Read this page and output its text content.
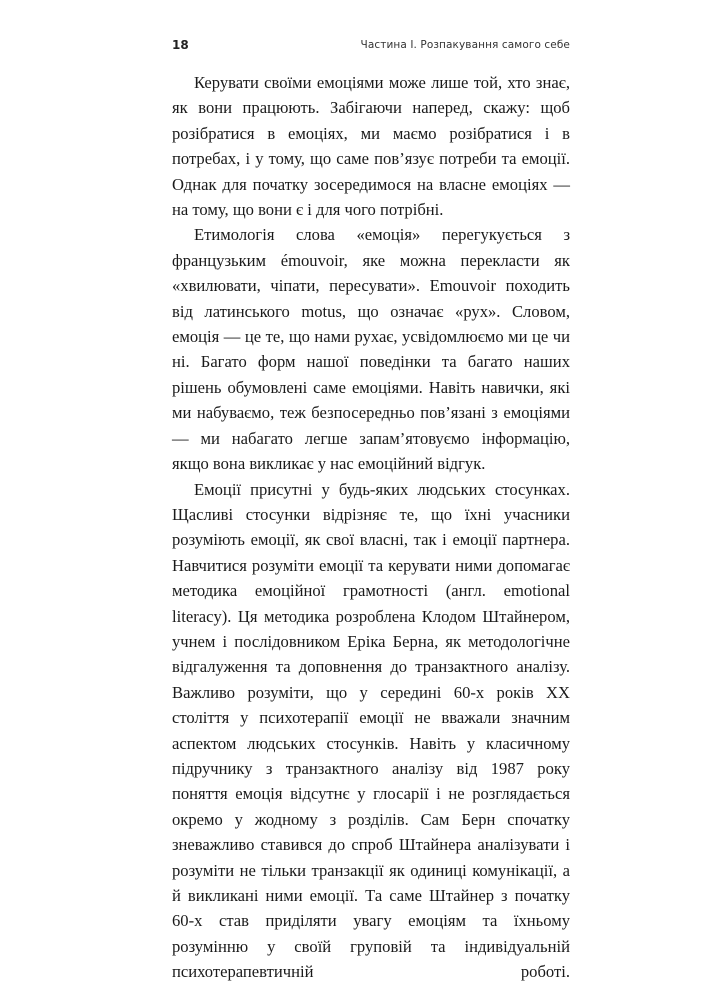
18	Частина I. Розпакування самого себе

Керувати своїми емоціями може лише той, хто знає, як вони працюють. Забігаючи наперед, скажу: щоб розібратися в емоціях, ми маємо розібратися і в потребах, і у тому, що саме пов’язує потреби та емоції. Однак для початку зосередимося на власне емоціях — на тому, що вони є і для чого потрібні.

Етимологія слова «емоція» перегукується з французьким émouvoir, яке можна перекласти як «хвилювати, чіпати, пересувати». Emouvoir походить від латинського motus, що означає «рух». Словом, емоція — це те, що нами рухає, усвідомлюємо ми це чи ні. Багато форм нашої поведінки та багато наших рішень обумовлені саме емоціями. Навіть навички, які ми набуваємо, теж безпосередньо пов’язані з емоціями — ми набагато легше запам’ятовуємо інформацію, якщо вона викликає у нас емоційний відгук.

Емоції присутні у будь-яких людських стосунках. Щасливі стосунки відрізняє те, що їхні учасники розуміють емоції, як свої власні, так і емоції партнера. Навчитися розуміти емоції та керувати ними допомагає методика емоційної грамотності (англ. emotional literacy). Ця методика розроблена Клодом Штайнером, учнем і послідовником Еріка Берна, як методологічне відгалуження та доповнення до транзактного аналізу. Важливо розуміти, що у середині 60-х років XX століття у психотерапії емоції не вважали значним аспектом людських стосунків. Навіть у класичному підручнику з транзактного аналізу від 1987 року поняття емоція відсутнє у глосарії і не розглядається окремо у жодному з розділів. Сам Берн спочатку зневажливо ставився до спроб Штайнера аналізувати і розуміти не тільки транзакції як одиниці комунікації, а й викликані ними емоції. Та саме Штайнер з початку 60-х став приділяти увагу емоціям та їхньому розумінню у своїй груповій та індивідуальній психотерапевтичній роботі.
